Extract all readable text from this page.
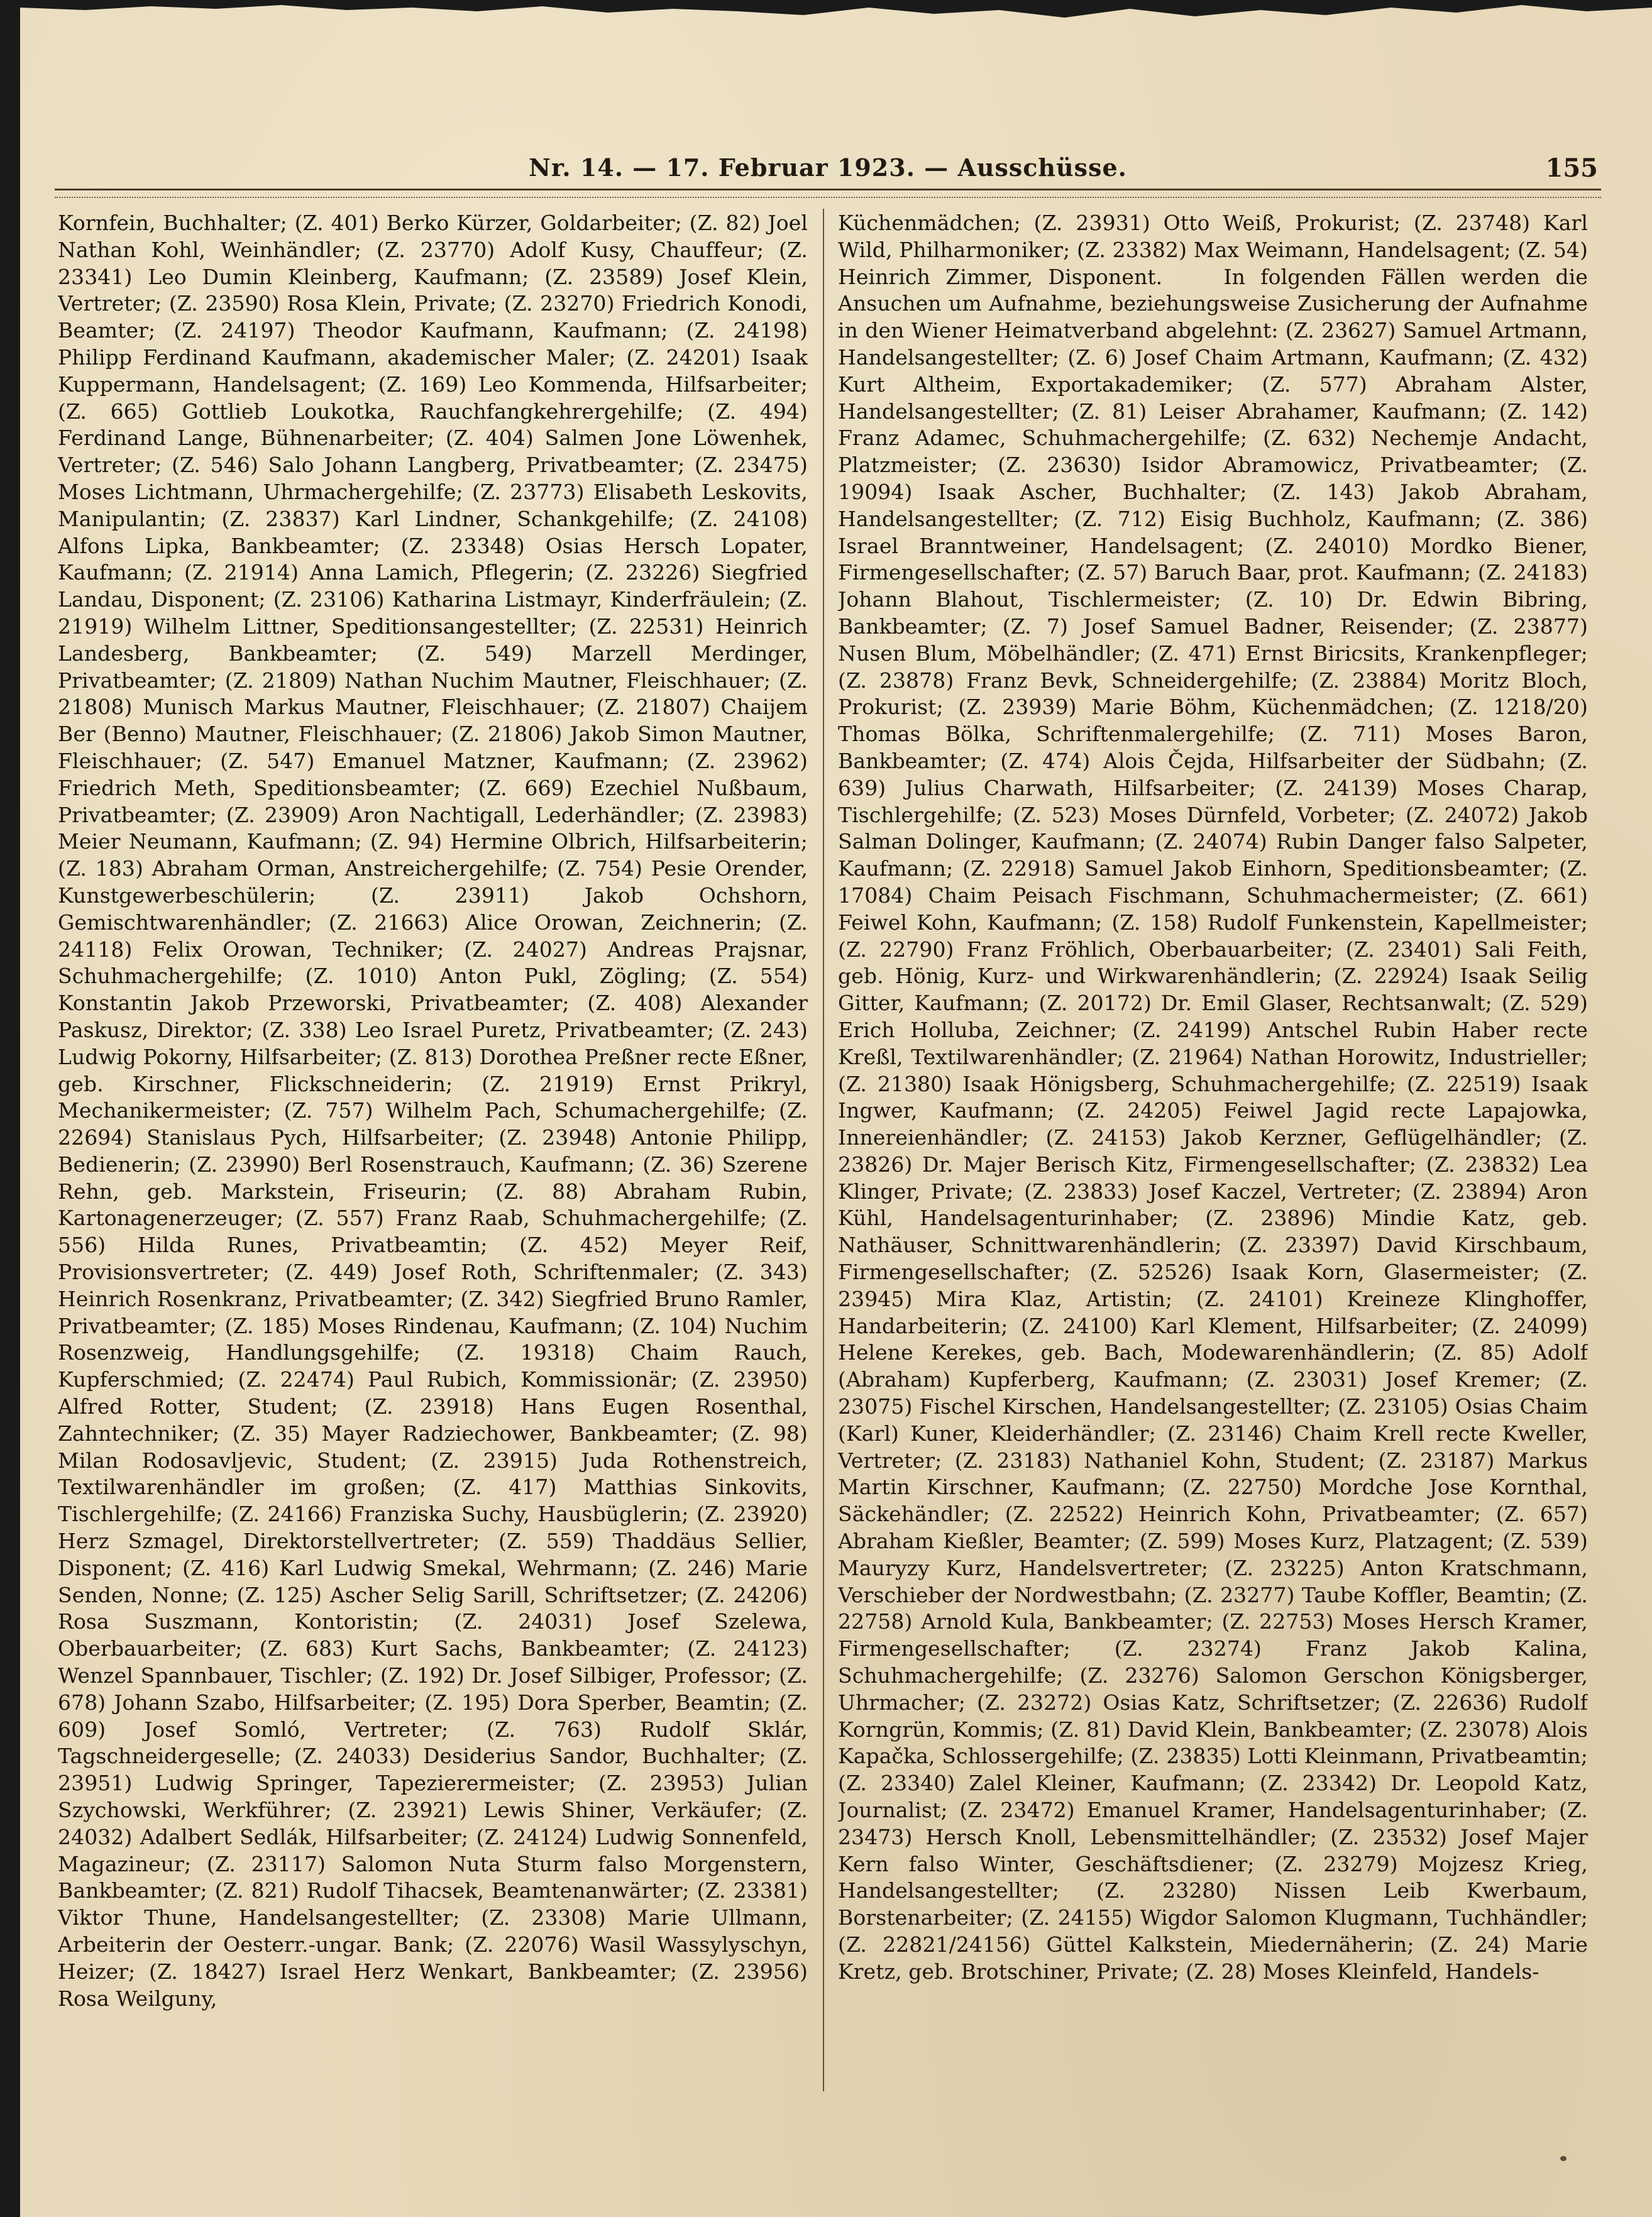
Nr. 14. — 17. Februar 1923. — Ausschüsse.	155
Kornfein, Buchhalter; (Z. 401) Berko Kürzer, Goldarbeiter; (Z. 82) Joel Nathan Kohl, Weinhändler; (Z. 23770) Adolf Kusy, Chauffeur; (Z. 23341) Leo Dumin Kleinberg, Kaufmann; (Z. 23589) Josef Klein, Vertreter; (Z. 23590) Rosa Klein, Private; (Z. 23270) Friedrich Konodi, Beamter; (Z. 24197) Theodor Kaufmann, Kaufmann; (Z. 24198) Philipp Ferdinand Kaufmann, akademischer Maler; (Z. 24201) Isaak Kuppermann, Handelsagent; (Z. 169) Leo Kommenda, Hilfsarbeiter; (Z. 665) Gottlieb Loukotka, Rauchfangkehrergehilfe; (Z. 494) Ferdinand Lange, Bühnenarbeiter; (Z. 404) Salmen Jone Löwenhek, Vertreter; (Z. 546) Salo Johann Langberg, Privatbeamter; (Z. 23475) Moses Lichtmann, Uhrmachergehilfe; (Z. 23773) Elisabeth Leskovits, Manipulantin; (Z. 23837) Karl Lindner, Schankgehilfe; (Z. 24108) Alfons Lipka, Bankbeamter; (Z. 23348) Osias Hersch Lopater, Kaufmann; (Z. 21914) Anna Lamich, Pflegerin; (Z. 23226) Siegfried Landau, Disponent; (Z. 23106) Katharina Listmayr, Kinderfräulein; (Z. 21919) Wilhelm Littner, Speditionsangestellter; (Z. 22531) Heinrich Landesberg, Bankbeamter; (Z. 549) Marzell Merdinger, Privatbeamter; (Z. 21809) Nathan Nuchim Mautner, Fleischhauer; (Z. 21808) Munisch Markus Mautner, Fleischhauer; (Z. 21807) Chaijem Ber (Benno) Mautner, Fleischhauer; (Z. 21806) Jakob Simon Mautner, Fleischhauer; (Z. 547) Emanuel Matzner, Kaufmann; (Z. 23962) Friedrich Meth, Speditionsbeamter; (Z. 669) Ezechiel Nußbaum, Privatbeamter; (Z. 23909) Aron Nachtigall, Lederhändler; (Z. 23983) Meier Neumann, Kaufmann; (Z. 94) Hermine Olbrich, Hilfsarbeiterin; (Z. 183) Abraham Orman, Anstreichergehilfe; (Z. 754) Pesie Orender, Kunstgewerbeschülerin; (Z. 23911) Jakob Ochshorn, Gemischtwarenhändler; (Z. 21663) Alice Orowan, Zeichnerin; (Z. 24118) Felix Orowan, Techniker; (Z. 24027) Andreas Prajsnar, Schuhmachergehilfe; (Z. 1010) Anton Pukl, Zögling; (Z. 554) Konstantin Jakob Przeworski, Privatbeamter; (Z. 408) Alexander Paskusz, Direktor; (Z. 338) Leo Israel Puretz, Privatbeamter; (Z. 243) Ludwig Pokorny, Hilfsarbeiter; (Z. 813) Dorothea Preßner recte Eßner, geb. Kirschner, Flickschneiderin; (Z. 21919) Ernst Prikryl, Mechanikermeister; (Z. 757) Wilhelm Pach, Schumachergehilfe; (Z. 22694) Stanislaus Pych, Hilfsarbeiter; (Z. 23948) Antonie Philipp, Bedienerin; (Z. 23990) Berl Rosenstrauch, Kaufmann; (Z. 36) Szerene Rehn, geb. Markstein, Friseurin; (Z. 88) Abraham Rubin, Kartonagenerzeuger; (Z. 557) Franz Raab, Schuhmachergehilfe; (Z. 556) Hilda Runes, Privatbeamtin; (Z. 452) Meyer Reif, Provisionsvertreter; (Z. 449) Josef Roth, Schriftenmaler; (Z. 343) Heinrich Rosenkranz, Privatbeamter; (Z. 342) Siegfried Bruno Ramler, Privatbeamter; (Z. 185) Moses Rindenau, Kaufmann; (Z. 104) Nuchim Rosenzweig, Handlungsgehilfe; (Z. 19318) Chaim Rauch, Kupferschmied; (Z. 22474) Paul Rubich, Kommissionär; (Z. 23950) Alfred Rotter, Student; (Z. 23918) Hans Eugen Rosenthal, Zahntechniker; (Z. 35) Mayer Radziechower, Bankbeamter; (Z. 98) Milan Rodosavljevic, Student; (Z. 23915) Juda Rothenstreich, Textilwarenhändler im großen; (Z. 417) Matthias Sinkovits, Tischlergehilfe; (Z. 24166) Franziska Suchy, Hausbüglerin; (Z. 23920) Herz Szmagel, Direktorstellvertreter; (Z. 559) Thaddäus Sellier, Disponent; (Z. 416) Karl Ludwig Smekal, Wehrmann; (Z. 246) Marie Senden, Nonne; (Z. 125) Ascher Selig Sarill, Schriftsetzer; (Z. 24206) Rosa Suszmann, Kontoristin; (Z. 24031) Josef Szelewa, Oberbauarbeiter; (Z. 683) Kurt Sachs, Bankbeamter; (Z. 24123) Wenzel Spannbauer, Tischler; (Z. 192) Dr. Josef Silbiger, Professor; (Z. 678) Johann Szabo, Hilfsarbeiter; (Z. 195) Dora Sperber, Beamtin; (Z. 609) Josef Somló, Vertreter; (Z. 763) Rudolf Sklár, Tagschneidergeselle; (Z. 24033) Desiderius Sandor, Buchhalter; (Z. 23951) Ludwig Springer, Tapezierermeister; (Z. 23953) Julian Szychowski, Werkführer; (Z. 23921) Lewis Shiner, Verkäufer; (Z. 24032) Adalbert Sedlák, Hilfsarbeiter; (Z. 24124) Ludwig Sonnenfeld, Magazineur; (Z. 23117) Salomon Nuta Sturm falso Morgenstern, Bankbeamter; (Z. 821) Rudolf Tihacsek, Beamtenanwärter; (Z. 23381) Viktor Thune, Handelsangestellter; (Z. 23308) Marie Ullmann, Arbeiterin der Oesterr.-ungar. Bank; (Z. 22076) Wasil Wassylyschyn, Heizer; (Z. 18427) Israel Herz Wenkart, Bankbeamter; (Z. 23956) Rosa Weilguny,
Küchenmädchen; (Z. 23931) Otto Weiß, Prokurist; (Z. 23748) Karl Wild, Philharmoniker; (Z. 23382) Max Weimann, Handelsagent; (Z. 54) Heinrich Zimmer, Disponent.    In folgenden Fällen werden die Ansuchen um Aufnahme, beziehungsweise Zusicherung der Aufnahme in den Wiener Heimatverband abgelehnt: (Z. 23627) Samuel Artmann, Handelsangestellter; (Z. 6) Josef Chaim Artmann, Kaufmann; (Z. 432) Kurt Altheim, Exportakademiker; (Z. 577) Abraham Alster, Handelsangestellter; (Z. 81) Leiser Abrahamer, Kaufmann; (Z. 142) Franz Adamec, Schuhmachergehilfe; (Z. 632) Nechemje Andacht, Platzmeister; (Z. 23630) Isidor Abramowicz, Privatbeamter; (Z. 19094) Isaak Ascher, Buchhalter; (Z. 143) Jakob Abraham, Handelsangestellter; (Z. 712) Eisig Buchholz, Kaufmann; (Z. 386) Israel Branntweiner, Handelsagent; (Z. 24010) Mordko Biener, Firmengesellschafter; (Z. 57) Baruch Baar, prot. Kaufmann; (Z. 24183) Johann Blahout, Tischlermeister; (Z. 10) Dr. Edwin Bibring, Bankbeamter; (Z. 7) Josef Samuel Badner, Reisender; (Z. 23877) Nusen Blum, Möbelhändler; (Z. 471) Ernst Biricsits, Krankenpfleger; (Z. 23878) Franz Bevk, Schneidergehilfe; (Z. 23884) Moritz Bloch, Prokurist; (Z. 23939) Marie Böhm, Küchenmädchen; (Z. 1218/20) Thomas Bölka, Schriftenmalergehilfe; (Z. 711) Moses Baron, Bankbeamter; (Z. 474) Alois Čejda, Hilfsarbeiter der Südbahn; (Z. 639) Julius Charwath, Hilfsarbeiter; (Z. 24139) Moses Charap, Tischlergehilfe; (Z. 523) Moses Dürnfeld, Vorbeter; (Z. 24072) Jakob Salman Dolinger, Kaufmann; (Z. 24074) Rubin Danger falso Salpeter, Kaufmann; (Z. 22918) Samuel Jakob Einhorn, Speditionsbeamter; (Z. 17084) Chaim Peisach Fischmann, Schuhmachermeister; (Z. 661) Feiwel Kohn, Kaufmann; (Z. 158) Rudolf Funkenstein, Kapellmeister; (Z. 22790) Franz Fröhlich, Oberbauarbeiter; (Z. 23401) Sali Feith, geb. Hönig, Kurz- und Wirkwarenhändlerin; (Z. 22924) Isaak Seilig Gitter, Kaufmann; (Z. 20172) Dr. Emil Glaser, Rechtsanwalt; (Z. 529) Erich Holluba, Zeichner; (Z. 24199) Antschel Rubin Haber recte Kreßl, Textilwarenhändler; (Z. 21964) Nathan Horowitz, Industrieller; (Z. 21380) Isaak Hönigsberg, Schuhmachergehilfe; (Z. 22519) Isaak Ingwer, Kaufmann; (Z. 24205) Feiwel Jagid recte Lapajowka, Innereienhändler; (Z. 24153) Jakob Kerzner, Geflügelhändler; (Z. 23826) Dr. Majer Berisch Kitz, Firmengesellschafter; (Z. 23832) Lea Klinger, Private; (Z. 23833) Josef Kaczel, Vertreter; (Z. 23894) Aron Kühl, Handelsagenturinhaber; (Z. 23896) Mindie Katz, geb. Nathäuser, Schnittwarenhändlerin; (Z. 23397) David Kirschbaum, Firmengesellschafter; (Z. 52526) Isaak Korn, Glasermeister; (Z. 23945) Mira Klaz, Artistin; (Z. 24101) Kreineze Klinghoffer, Handarbeiterin; (Z. 24100) Karl Klement, Hilfsarbeiter; (Z. 24099) Helene Kerekes, geb. Bach, Modewarenhändlerin; (Z. 85) Adolf (Abraham) Kupferberg, Kaufmann; (Z. 23031) Josef Kremer; (Z. 23075) Fischel Kirschen, Handelsangestellter; (Z. 23105) Osias Chaim (Karl) Kuner, Kleiderhändler; (Z. 23146) Chaim Krell recte Kweller, Vertreter; (Z. 23183) Nathaniel Kohn, Student; (Z. 23187) Markus Martin Kirschner, Kaufmann; (Z. 22750) Mordche Jose Kornthal, Säckehändler; (Z. 22522) Heinrich Kohn, Privatbeamter; (Z. 657) Abraham Kießler, Beamter; (Z. 599) Moses Kurz, Platzagent; (Z. 539) Mauryzy Kurz, Handelsvertreter; (Z. 23225) Anton Kratschmann, Verschieber der Nordwestbahn; (Z. 23277) Taube Koffler, Beamtin; (Z. 22758) Arnold Kula, Bankbeamter; (Z. 22753) Moses Hersch Kramer, Firmengesellschafter; (Z. 23274) Franz Jakob Kalina, Schuhmachergehilfe; (Z. 23276) Salomon Gerschon Königsberger, Uhrmacher; (Z. 23272) Osias Katz, Schriftsetzer; (Z. 22636) Rudolf Korngrün, Kommis; (Z. 81) David Klein, Bankbeamter; (Z. 23078) Alois Kapačka, Schlossergehilfe; (Z. 23835) Lotti Kleinmann, Privatbeamtin; (Z. 23340) Zalel Kleiner, Kaufmann; (Z. 23342) Dr. Leopold Katz, Journalist; (Z. 23472) Emanuel Kramer, Handelsagenturinhaber; (Z. 23473) Hersch Knoll, Lebensmittelhändler; (Z. 23532) Josef Majer Kern falso Winter, Geschäftsdiener; (Z. 23279) Mojzesz Krieg, Handelsangestellter; (Z. 23280) Nissen Leib Kwerbaum, Borstenarbeiter; (Z. 24155) Wigdor Salomon Klugmann, Tuchhändler; (Z. 22821/24156) Güttel Kalkstein, Miedernäherin; (Z. 24) Marie Kretz, geb. Brotschiner, Private; (Z. 28) Moses Kleinfeld, Handels-
